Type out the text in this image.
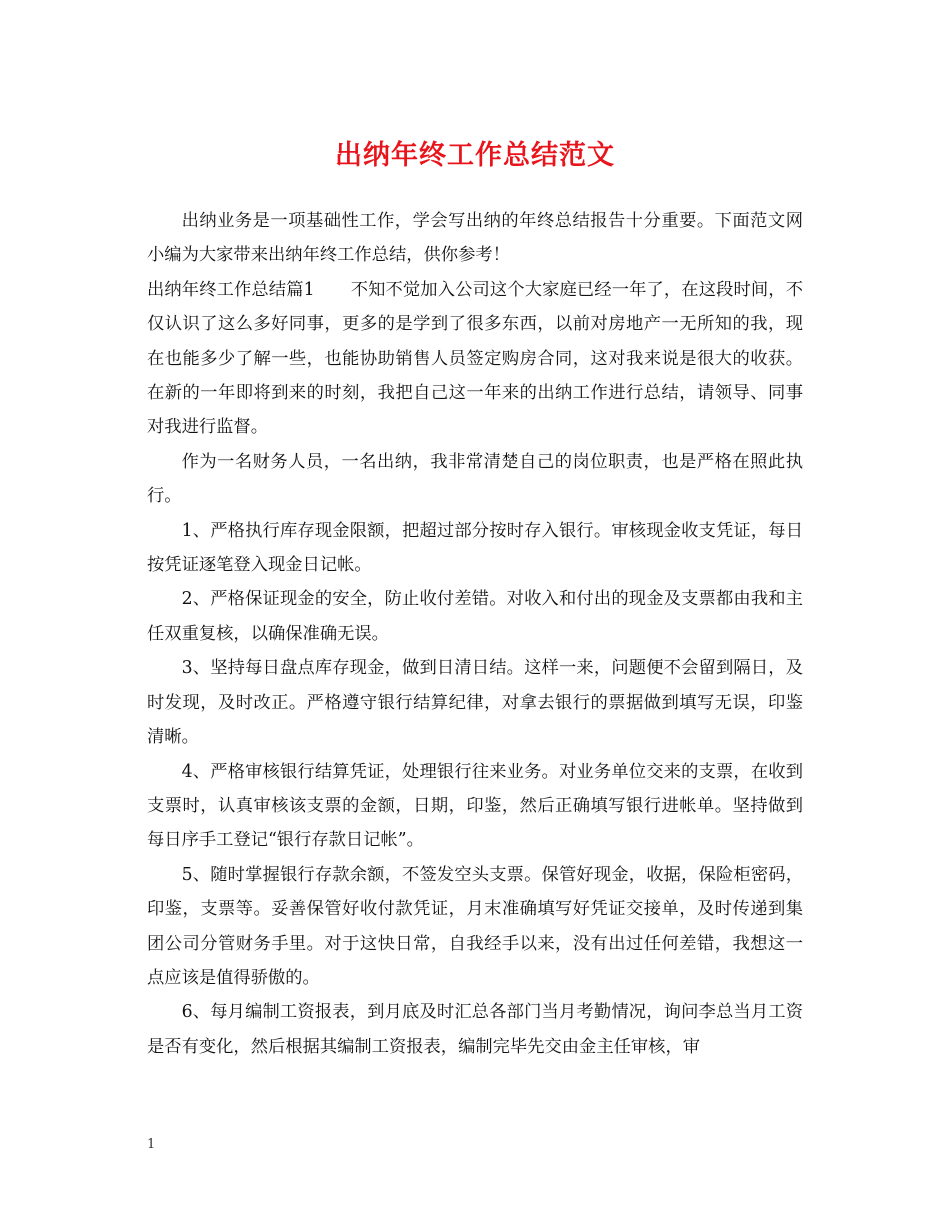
出纳年终工作总结范文

出纳业务是一项基础性工作，学会写出纳的年终总结报告十分重要。下面范文网小编为大家带来出纳年终工作总结，供你参考！

出纳年终工作总结篇1 不知不觉加入公司这个大家庭已经一年了，在这段时间，不仅认识了这么多好同事，更多的是学到了很多东西，以前对房地产一无所知的我，现在也能多少了解一些，也能协助销售人员签定购房合同，这对我来说是很大的收获。在新的一年即将到来的时刻，我把自己这一年来的出纳工作进行总结，请领导、同事对我进行监督。

作为一名财务人员，一名出纳，我非常清楚自己的岗位职责，也是严格在照此执行。

1、严格执行库存现金限额，把超过部分按时存入银行。审核现金收支凭证，每日按凭证逐笔登入现金日记帐。

2、严格保证现金的安全，防止收付差错。对收入和付出的现金及支票都由我和主任双重复核，以确保准确无误。

3、坚持每日盘点库存现金，做到日清日结。这样一来，问题便不会留到隔日，及时发现，及时改正。严格遵守银行结算纪律，对拿去银行的票据做到填写无误，印鉴清晰。

4、严格审核银行结算凭证，处理银行往来业务。对业务单位交来的支票，在收到支票时，认真审核该支票的金额，日期，印鉴，然后正确填写银行进帐单。坚持做到每日序手工登记“银行存款日记帐”。

5、随时掌握银行存款余额，不签发空头支票。保管好现金，收据，保险柜密码，印鉴，支票等。妥善保管好收付款凭证，月末准确填写好凭证交接单，及时传递到集团公司分管财务手里。对于这快日常，自我经手以来，没有出过任何差错，我想这一点应该是值得骄傲的。

6、每月编制工资报表，到月底及时汇总各部门当月考勤情况，询问李总当月工资是否有变化，然后根据其编制工资报表，编制完毕先交由金主任审核，审

1
